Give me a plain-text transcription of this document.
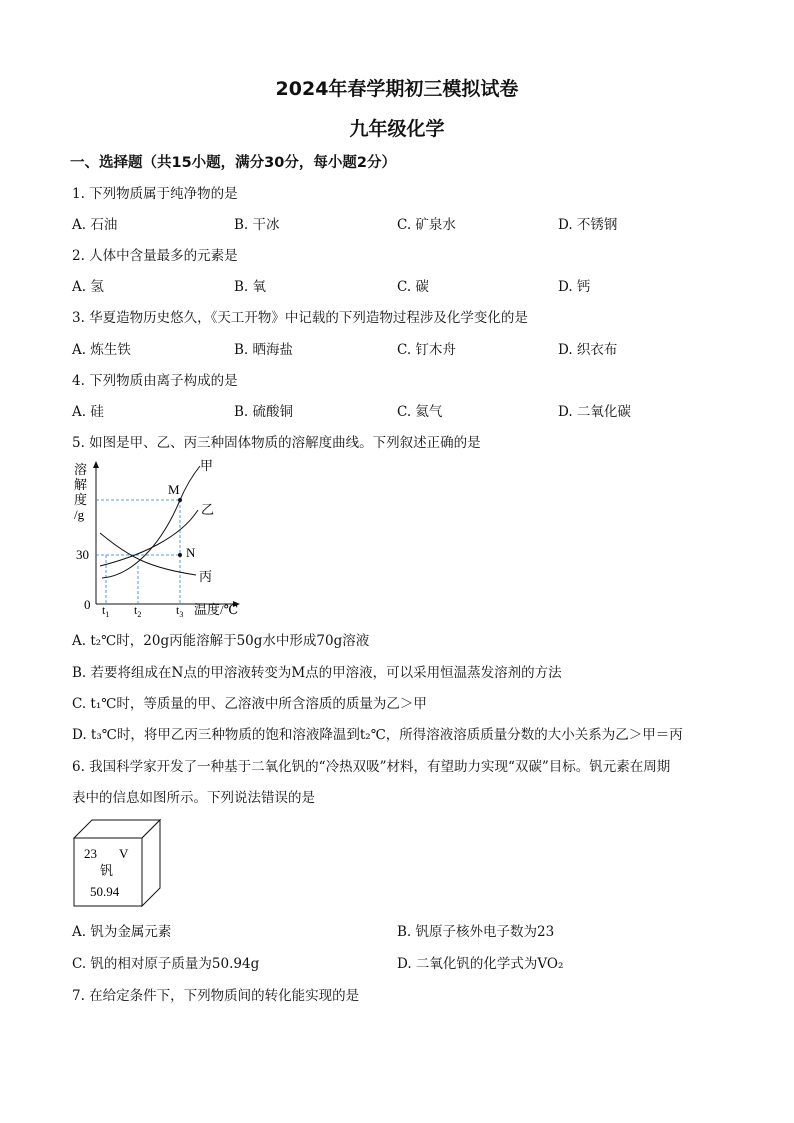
2024年春学期初三模拟试卷
九年级化学
一、选择题（共15小题，满分30分，每小题2分）
1. 下列物质属于纯净物的是
A. 石油	B. 干冰	C. 矿泉水	D. 不锈钢
2. 人体中含量最多的元素是
A. 氢	B. 氧	C. 碳	D. 钙
3. 华夏造物历史悠久，《天工开物》中记载的下列造物过程涉及化学变化的是
A. 炼生铁	B. 晒海盐	C. 钉木舟	D. 织衣布
4. 下列物质由离子构成的是
A. 硅	B. 硫酸铜	C. 氦气	D. 二氧化碳
5. 如图是甲、乙、丙三种固体物质的溶解度曲线。下列叙述正确的是
溶
解
度
/g
30
0 $t_1$ $t_2$	$t_3$ 温度/℃
甲
乙
丙
M
N
A. t₂℃时，20g丙能溶解于50g水中形成70g溶液
B. 若要将组成在N点的甲溶液转变为M点的甲溶液，可以采用恒温蒸发溶剂的方法
C. t₁℃时，等质量的甲、乙溶液中所含溶质的质量为乙＞甲
D. t₃℃时，将甲乙丙三种物质的饱和溶液降温到t₂℃，所得溶液溶质质量分数的大小关系为乙＞甲＝丙
6. 我国科学家开发了一种基于二氧化钒的“冷热双吸”材料，有望助力实现“双碳”目标。钒元素在周期
表中的信息如图所示。下列说法错误的是
23 V
钒
50.94
A. 钒为金属元素	B. 钒原子核外电子数为23
C. 钒的相对原子质量为50.94g	D. 二氧化钒的化学式为VO₂
7. 在给定条件下，下列物质间的转化能实现的是
